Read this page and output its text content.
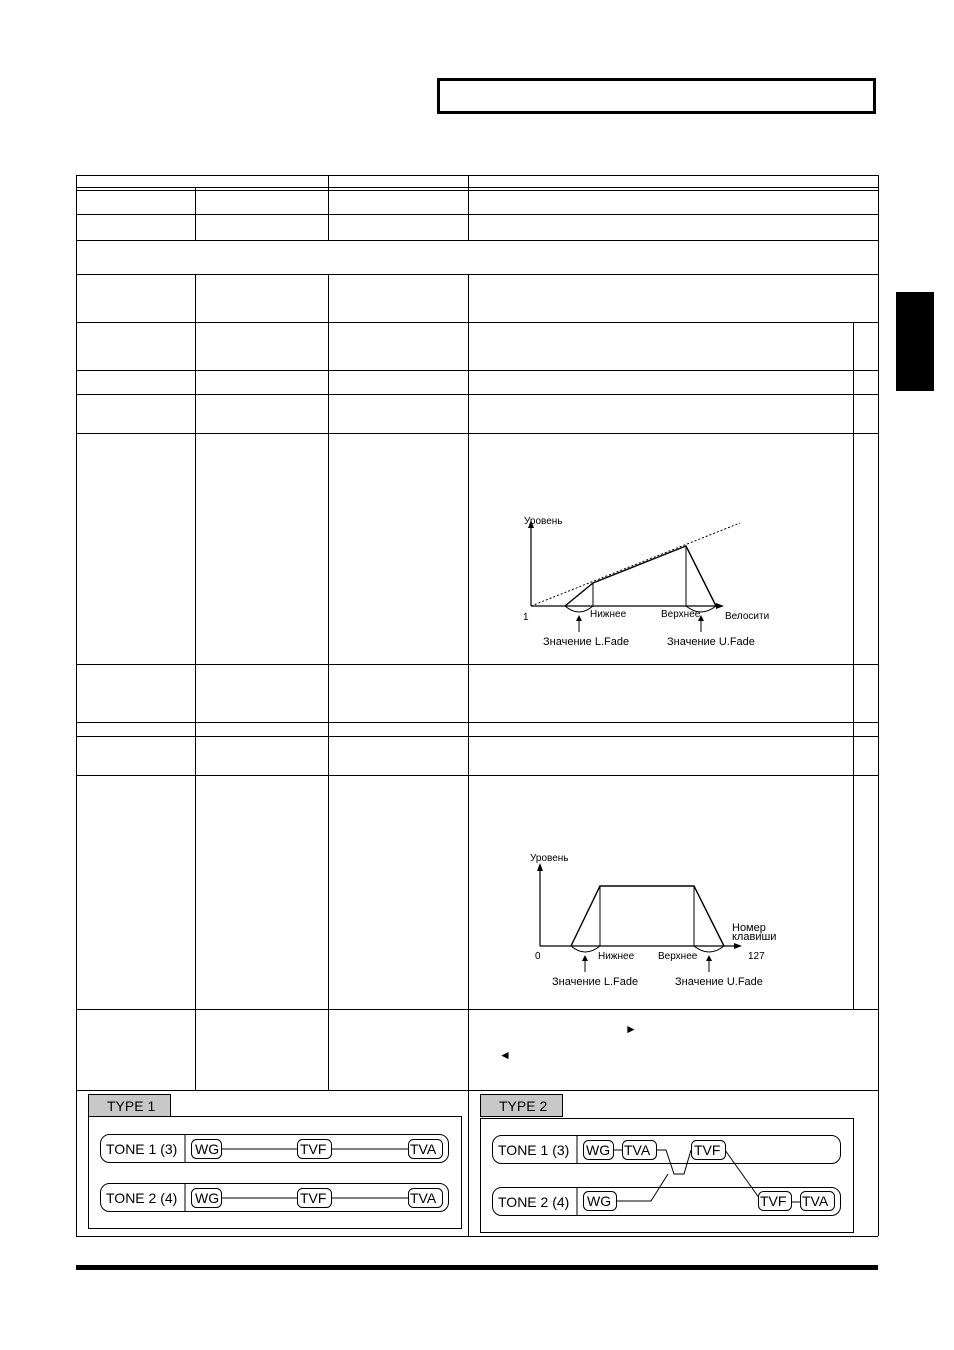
Уровень
1	Нижнее	Верхнее Велосити
Значение L.Fade	Значение U.Fade
Уровень
0	127
Нижнее Верхнее
Номер
клавиши
Значение L.Fade	Значение U.Fade
►
◄
TYPE 1
TONE 1 (3) WG	TVF	TVA
TONE 2 (4) WG	TVF	TVA
TYPE 2
TONE 1 (3)
TONE 2 (4)
WG TVA	TVF
WG	TVF TVA
